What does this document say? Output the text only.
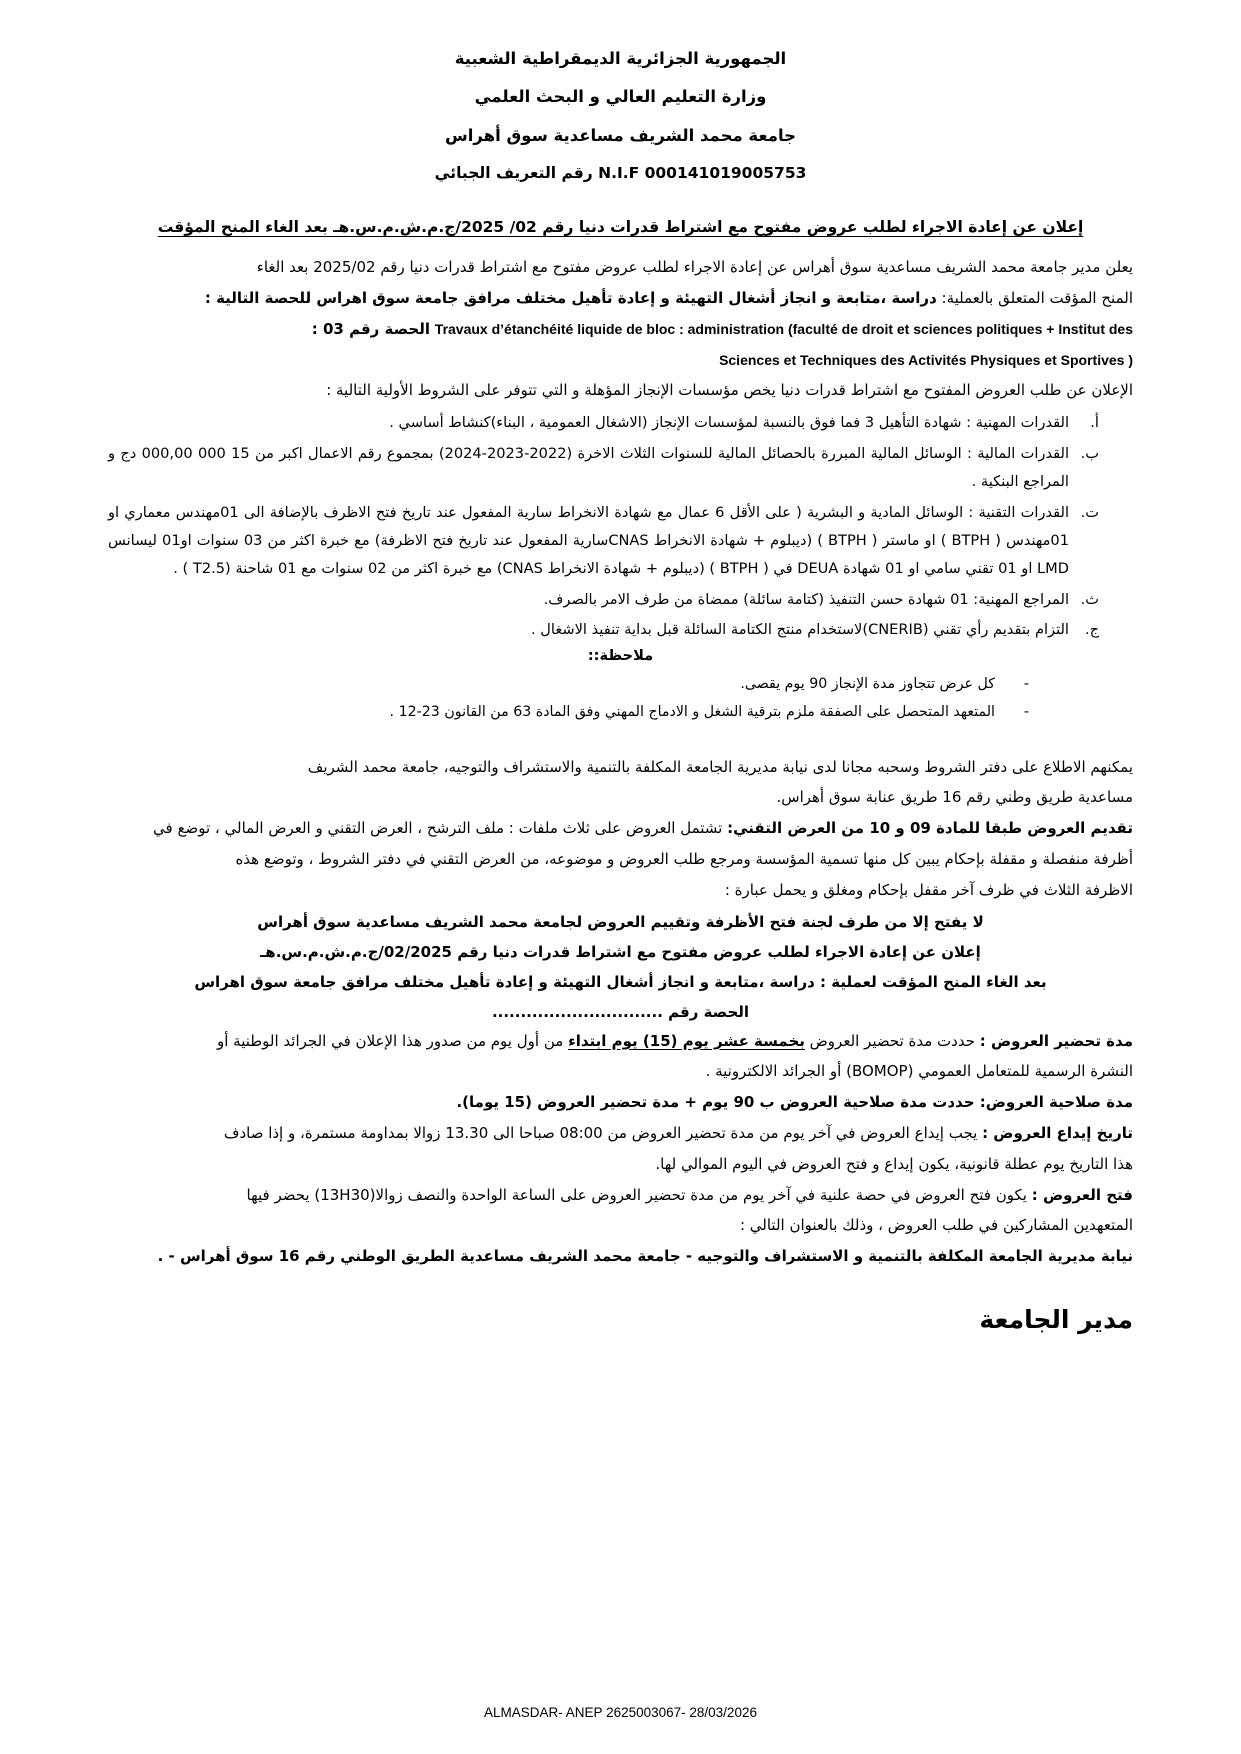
الجمهورية الجزائرية الديمقراطية الشعبية
وزارة التعليم العالي و البحث العلمي
جامعة محمد الشريف مساعدية سوق أهراس
N.I.F 000141019005753 رقم التعريف الجبائي
إعلان عن إعادة الاجراء لطلب عروض مفتوح مع اشتراط قدرات دنيا رقم 02/ 2025/ج.م.ش.م.س.هـ بعد الغاء المنح المؤقت

يعلن مدير جامعة محمد الشريف مساعدية سوق أهراس عن إعادة الاجراء لطلب عروض مفتوح مع اشتراط قدرات دنيا رقم 2025/02 بعد الغاء

المنح المؤقت المتعلق بالعملية: دراسة ،متابعة و انجاز أشغال التهيئة و إعادة تأهيل مختلف مرافق جامعة سوق اهراس للحصة التالية :

Travaux d’étanchéité liquide de bloc : administration (faculté de droit et sciences politiques + Institut des الحصة رقم 03 :

Sciences et Techniques des Activités Physiques et Sportives )

الإعلان عن طلب العروض المفتوح مع اشتراط قدرات دنيا يخص مؤسسات الإنجاز المؤهلة و التي تتوفر على الشروط الأولية التالية :

أ.
القدرات المهنية : شهادة التأهيل 3 فما فوق بالنسبة لمؤسسات الإنجاز (الاشغال العمومية ، البناء)كنشاط أساسي .
ب.
القدرات المالية : الوسائل المالية المبررة بالحصائل المالية للسنوات الثلاث الاخرة (2022-2023-2024) بمجموع رقم الاعمال اكبر من 15 000 000,00 دج و المراجع البنكية .
ت.
القدرات التقنية : الوسائل المادية و البشرية ( على الأقل 6 عمال مع شهادة الانخراط سارية المفعول عند تاريخ فتح الاظرف بالإضافة الى 01مهندس معماري او 01مهندس ( BTPH ) او ماستر ( BTPH ) (ديبلوم + شهادة الانخراط CNASسارية المفعول عند تاريخ فتح الاظرفة) مع خبرة اكثر من 03 سنوات او01 ليسانس LMD او 01 تقني سامي او 01 شهادة DEUA في ( BTPH ) (ديبلوم + شهادة الانخراط CNAS) مع خبرة اكثر من 02 سنوات مع 01 شاحنة (T2.5 ) .
ث.
المراجع المهنية: 01 شهادة حسن التنفيذ (كتامة سائلة) ممضاة من طرف الامر بالصرف.
ج.
التزام بتقديم رأي تقني (CNERIB)لاستخدام منتج الكتامة السائلة قبل بداية تنفيذ الاشغال .
ملاحظة::
-
كل عرض تتجاوز مدة الإنجاز 90 يوم يقصى.
-
المتعهد المتحصل على الصفقة ملزم بترقية الشغل و الادماج المهني وفق المادة 63 من القانون 23-12 .

يمكنهم الاطلاع على دفتر الشروط وسحبه مجانا لدى نيابة مديرية الجامعة المكلفة بالتنمية والاستشراف والتوجيه، جامعة محمد الشريف

مساعدية طريق وطني رقم 16 طريق عنابة سوق أهراس.

تقديم العروض طبقا للمادة 09 و 10 من العرض التقني: تشتمل العروض على ثلاث ملفات : ملف الترشح ، العرض التقني و العرض المالي ، توضع في

أظرفة منفصلة و مقفلة بإحكام يبين كل منها تسمية المؤسسة ومرجع طلب العروض و موضوعه، من العرض التقني في دفتر الشروط ، وتوضع هذه

الاظرفة الثلاث في ظرف آخر مقفل بإحكام ومغلق و يحمل عبارة :

لا يفتح إلا من طرف لجنة فتح الأظرفة وتقييم العروض لجامعة محمد الشريف مساعدية سوق أهراس

إعلان عن إعادة الاجراء لطلب عروض مفتوح مع اشتراط قدرات دنيا رقم 02/2025/ج.م.ش.م.س.هـ

بعد الغاء المنح المؤقت لعملية : دراسة ،متابعة و انجاز أشغال التهيئة و إعادة تأهيل مختلف مرافق جامعة سوق اهراس

الحصة رقم ..............................

مدة تحضير العروض : حددت مدة تحضير العروض بخمسة عشر يوم (15) يوم ابتداء من أول يوم من صدور هذا الإعلان في الجرائد الوطنية أو

النشرة الرسمية للمتعامل العمومي (BOMOP) أو الجرائد الالكترونية .

مدة صلاحية العروض: حددت مدة صلاحية العروض ب 90 يوم + مدة تحضير العروض (15 يوما).

تاريخ إيداع العروض : يجب إيداع العروض في آخر يوم من مدة تحضير العروض من 08:00 صباحا الى 13.30 زوالا بمداومة مستمرة، و إذا صادف

هذا التاريخ يوم عطلة قانونية، يكون إيداع و فتح العروض في اليوم الموالي لها.

فتح العروض : يكون فتح العروض في حصة علنية في آخر يوم من مدة تحضير العروض على الساعة الواحدة والنصف زوالا(13H30) يحضر فيها

المتعهدين المشاركين في طلب العروض ، وذلك بالعنوان التالي :

نيابة مديرية الجامعة المكلفة بالتنمية و الاستشراف والتوجيه - جامعة محمد الشريف مساعدية الطريق الوطني رقم 16 سوق أهراس - .

مدير الجامعة
ALMASDAR- ANEP 2625003067- 28/03/2026
